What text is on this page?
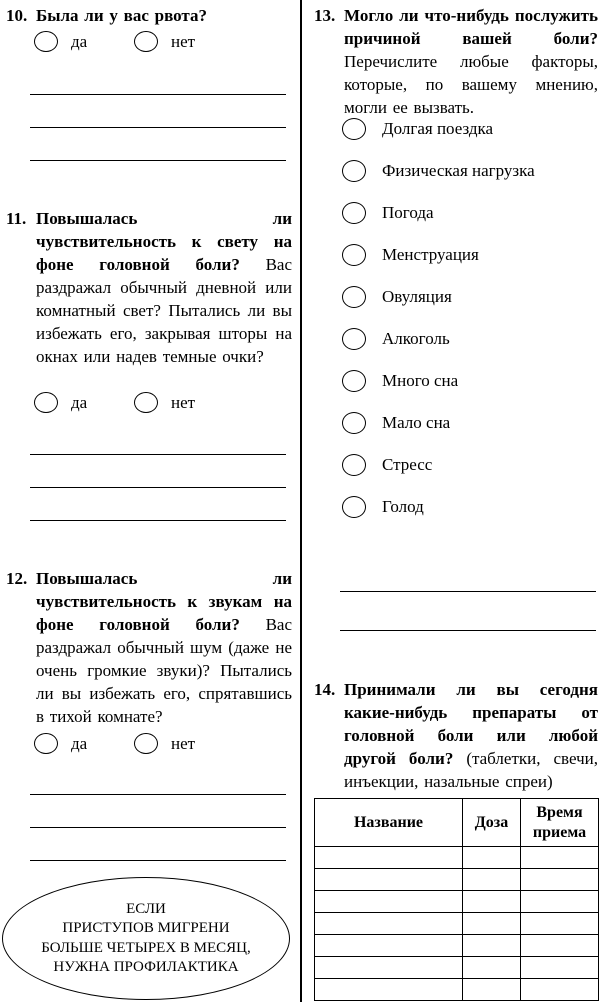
10. Была ли у вас рвота?
да	нет
11. Повышалась ли чувствительность к свету на фоне головной боли? Вас раздражал обычный дневной или комнатный свет? Пытались ли вы избежать его, закрывая шторы на окнах или надев темные очки?
да	нет
12. Повышалась ли чувствительность к звукам на фоне головной боли? Вас раздражал обычный шум (даже не очень громкие звуки)? Пытались ли вы избежать его, спрятавшись в тихой комнате?
да	нет
ЕСЛИ
ПРИСТУПОВ МИГРЕНИ
БОЛЬШЕ ЧЕТЫРЕХ В МЕСЯЦ,
НУЖНА ПРОФИЛАКТИКА
13. Могло ли что-нибудь послужить причиной вашей боли? Перечислите любые факторы, которые, по вашему мнению, могли ее вызвать.
Долгая поездка
Физическая нагрузка
Погода
Менструация
Овуляция
Алкоголь
Много сна
Мало сна
Стресс
Голод
14. Принимали ли вы сегодня какие-нибудь препараты от головной боли или любой другой боли? (таблетки, свечи, инъекции, назальные спреи)
Название	Доза	Время приема
